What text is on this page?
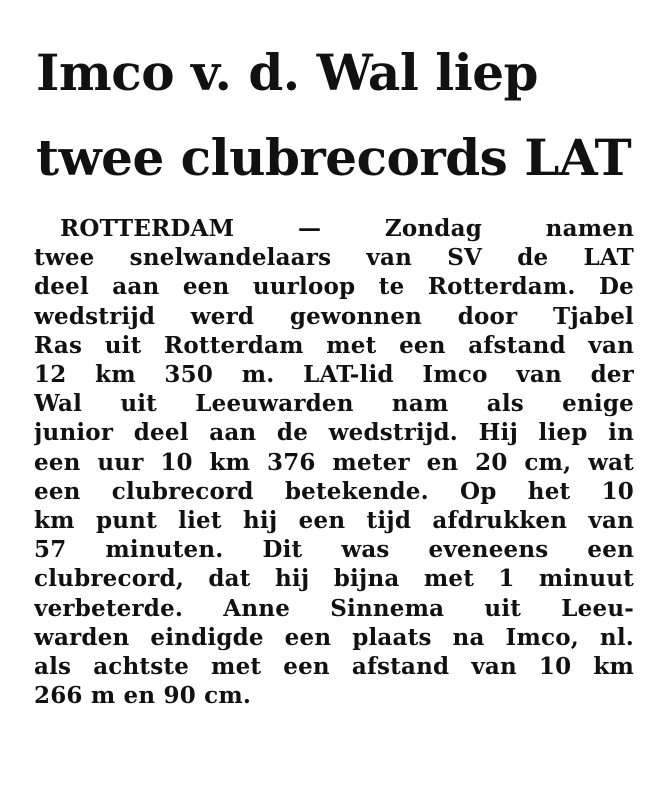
Imco v. d. Wal liep
twee clubrecords LAT
ROTTERDAM — Zondag namen
twee snelwandelaars van SV de LAT
deel aan een uurloop te Rotterdam. De
wedstrijd werd gewonnen door Tjabel
Ras uit Rotterdam met een afstand van
12 km 350 m. LAT-lid Imco van der
Wal uit Leeuwarden nam als enige
junior deel aan de wedstrijd. Hij liep in
een uur 10 km 376 meter en 20 cm, wat
een clubrecord betekende. Op het 10
km punt liet hij een tijd afdrukken van
57 minuten. Dit was eveneens een
clubrecord, dat hij bijna met 1 minuut
verbeterde. Anne Sinnema uit Leeu-
warden eindigde een plaats na Imco, nl.
als achtste met een afstand van 10 km
266 m en 90 cm.
